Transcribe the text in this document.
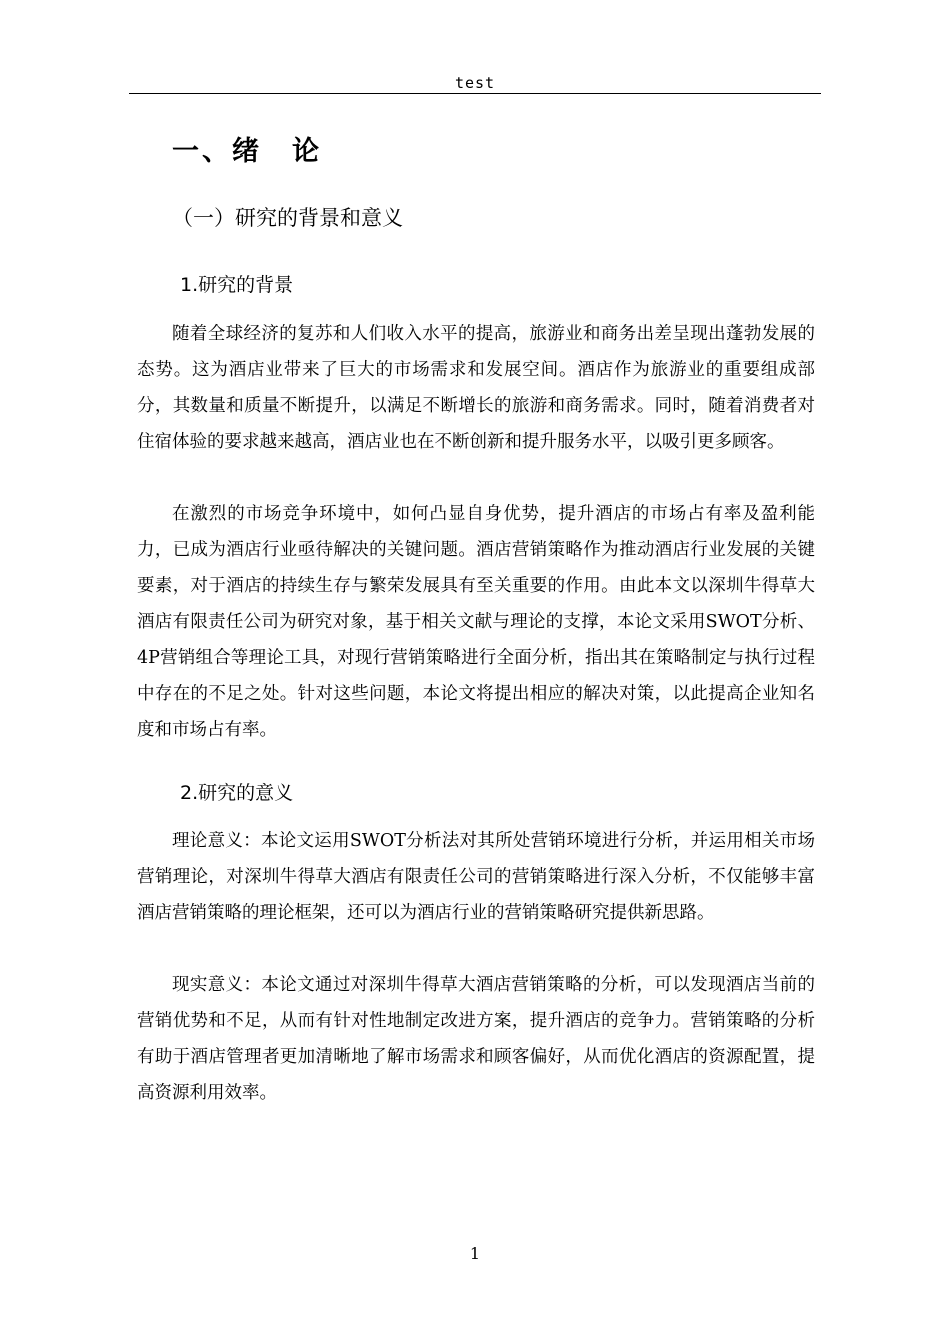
test
一、绪　论
（一）研究的背景和意义
1.研究的背景
随着全球经济的复苏和人们收入水平的提高，旅游业和商务出差呈现出蓬勃发展的态势。这为酒店业带来了巨大的市场需求和发展空间。酒店作为旅游业的重要组成部分，其数量和质量不断提升，以满足不断增长的旅游和商务需求。同时，随着消费者对住宿体验的要求越来越高，酒店业也在不断创新和提升服务水平，以吸引更多顾客。
在激烈的市场竞争环境中，如何凸显自身优势，提升酒店的市场占有率及盈利能力，已成为酒店行业亟待解决的关键问题。酒店营销策略作为推动酒店行业发展的关键要素，对于酒店的持续生存与繁荣发展具有至关重要的作用。由此本文以深圳牛得草大酒店有限责任公司为研究对象，基于相关文献与理论的支撑，本论文采用SWOT分析、4P营销组合等理论工具，对现行营销策略进行全面分析，指出其在策略制定与执行过程中存在的不足之处。针对这些问题，本论文将提出相应的解决对策，以此提高企业知名度和市场占有率。
2.研究的意义
理论意义：本论文运用SWOT分析法对其所处营销环境进行分析，并运用相关市场营销理论，对深圳牛得草大酒店有限责任公司的营销策略进行深入分析，不仅能够丰富酒店营销策略的理论框架，还可以为酒店行业的营销策略研究提供新思路。
现实意义：本论文通过对深圳牛得草大酒店营销策略的分析，可以发现酒店当前的营销优势和不足，从而有针对性地制定改进方案，提升酒店的竞争力。营销策略的分析有助于酒店管理者更加清晰地了解市场需求和顾客偏好，从而优化酒店的资源配置，提高资源利用效率。
1
